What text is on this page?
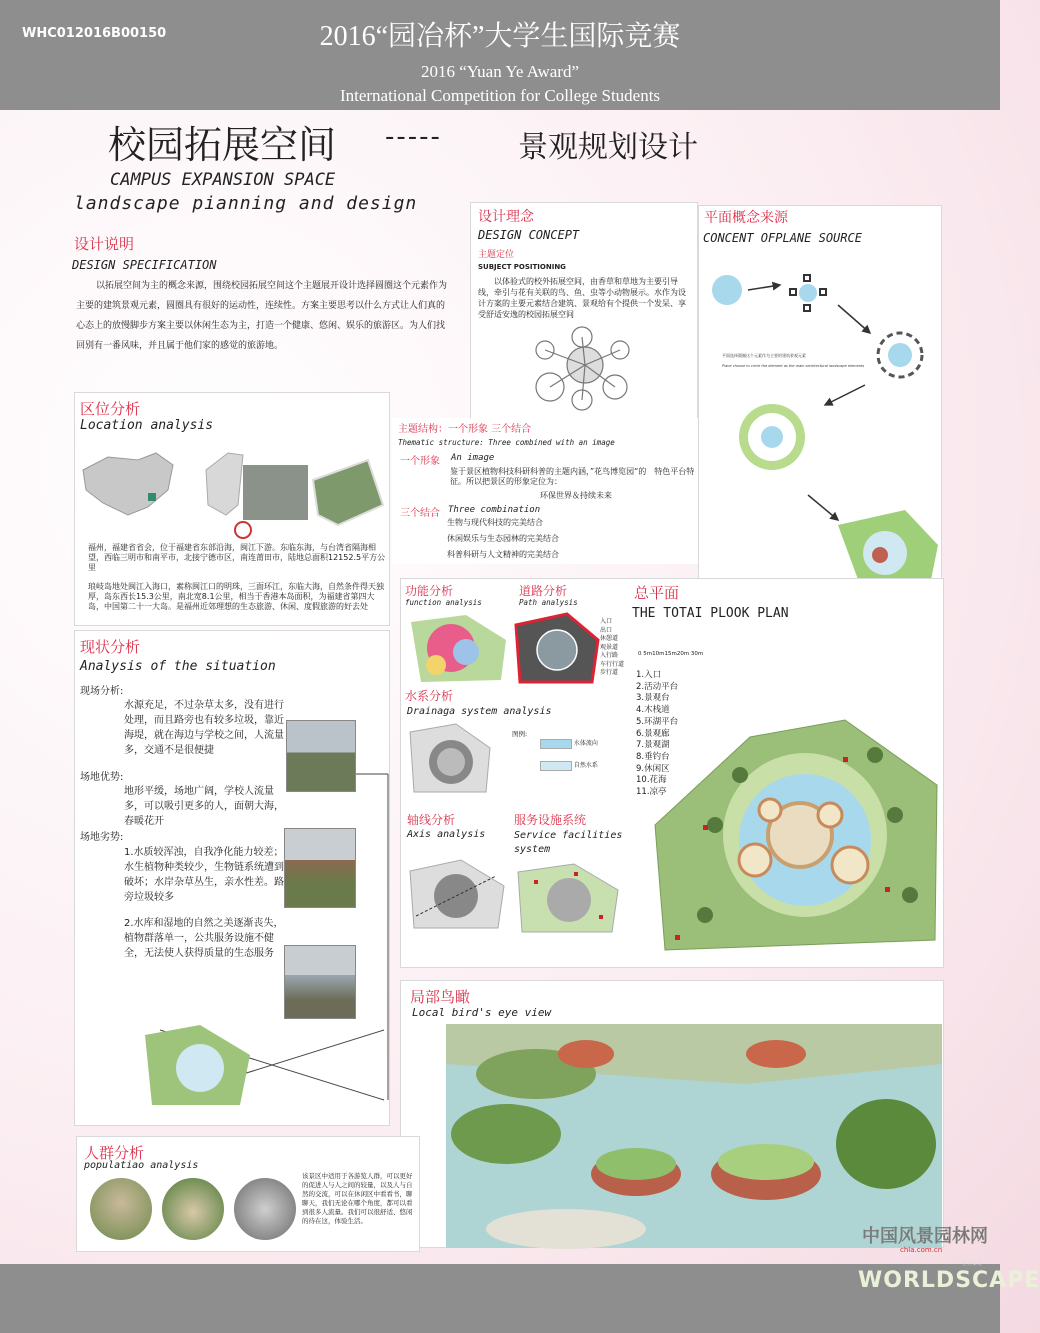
WHC012016B00150	2016“园冶杯”大学生国际竞赛
2016 “Yuan Ye Award”
International Competition for College Students
校园拓展空间 -----	景观规划设计
CAMPUS EXPANSION SPACE
landscape pianning and design
设计说明
DESIGN SPECIFICATION
以拓展空间为主的概念来源，围绕校园拓展空间这个主题展开设计选择圆圈这个元素作为主要的建筑景观元素，圆圈具有很好的运动性，连续性。方案主要思考以什么方式让人们真的心态上的放慢脚步方案主要以休闲生态为主，打造一个健康、悠闲、娱乐的旅游区。为人们找回别有一番风味，并且属于他们家的感觉的旅游地。
设计理念
DESIGN CONCEPT
主题定位
SUBJECT POSITIONING
以体验式的校外拓展空间，由香草和草地为主要引导线，牵引与花有关联的鸟、鱼、虫等小动物展示。水作为设计方案的主要元素结合建筑、景观给有个提供一个发呆、享受舒适安逸的校园拓展空间
平面概念来源
CONCENT OFPLANE SOURCE
平面选择圆圈这个元素作为主要的建筑景观元素
Plane choose to circle the element as the main architectural landscape elements
区位分析
Location analysis
福州，福建省省会，位于福建省东部沿海，闽江下游。东临东海，与台湾省隔海相望，西临三明市和南平市，北接宁德市区，南连莆田市，陆地总面积12152.5平方公里
琅岐岛地处闽江入海口，素称闽江口的明珠，三面环江，东临大海，自然条件得天独厚，岛东西长15.3公里，南北宽8.1公里，相当于香港本岛面积，为福建省第四大岛，中国第二十一大岛。是福州近郊理想的生态旅游、休闲、度假旅游的好去处
主题结构：一个形象 三个结合
Thematic structure: Three combined with an image
一个形象 An image
鉴于景区植物科技科研科普的主题内涵，”花鸟博览园“的　特色平台特征。所以把景区的形象定位为：
环保世界＆持续未来
三个结合 Three combination
生物与现代科技的完美结合
休闲娱乐与生态园林的完美结合
科普科研与人文精神的完美结合
功能分析
function analysis
道路分析
Path analysis
入口
出口
休憩道
观景道
入行路
车行行道
步行道
总平面
THE TOTAI PLOOK PLAN
0 5m10m15m20m 30m
1.入口
2.活动平台
3.景观台
4.木栈道
5.环湖平台
6.景观廊
7.景观湖
8.垂钓台
9.休闲区
10.花海
11.凉亭
水系分析
Drainaga system analysis
图例:
水体流向
自然水系
轴线分析
Axis analysis
服务设施系统
Service facilities system
现状分析
Analysis of the situation
现场分析:
水源充足，不过杂草太多，没有进行处理，而且路旁也有较多垃圾，靠近海堤，就在海边与学校之间，人流量多，交通不是很便捷
场地优势:
地形平缓，场地广阔，学校人流量多，可以吸引更多的人，面朝大海，春暖花开
场地劣势:
1.水质较浑浊，自我净化能力较差；水生植物种类较少，生物链系统遭到破坏；水岸杂草丛生，亲水性差。路旁垃圾较多
2.水库和湿地的自然之美逐渐丧失，植物群落单一，公共服务设施不健全，无法使人获得质量的生态服务
局部鸟瞰
Local bird's eye view
人群分析
populatiao analysis
该景区中适用于各游览人群，可以更好的促进人与人之间的较量，以及人与自然的交流，可以在休闲区中看看书，聊聊天，我们无论在哪个角度，都可以看到很多人流量。我们可以很舒适、悠闲的待在这，体验生活。
中国风景园林网
chla.com.cn
WORLDSCAPE
世界景观
